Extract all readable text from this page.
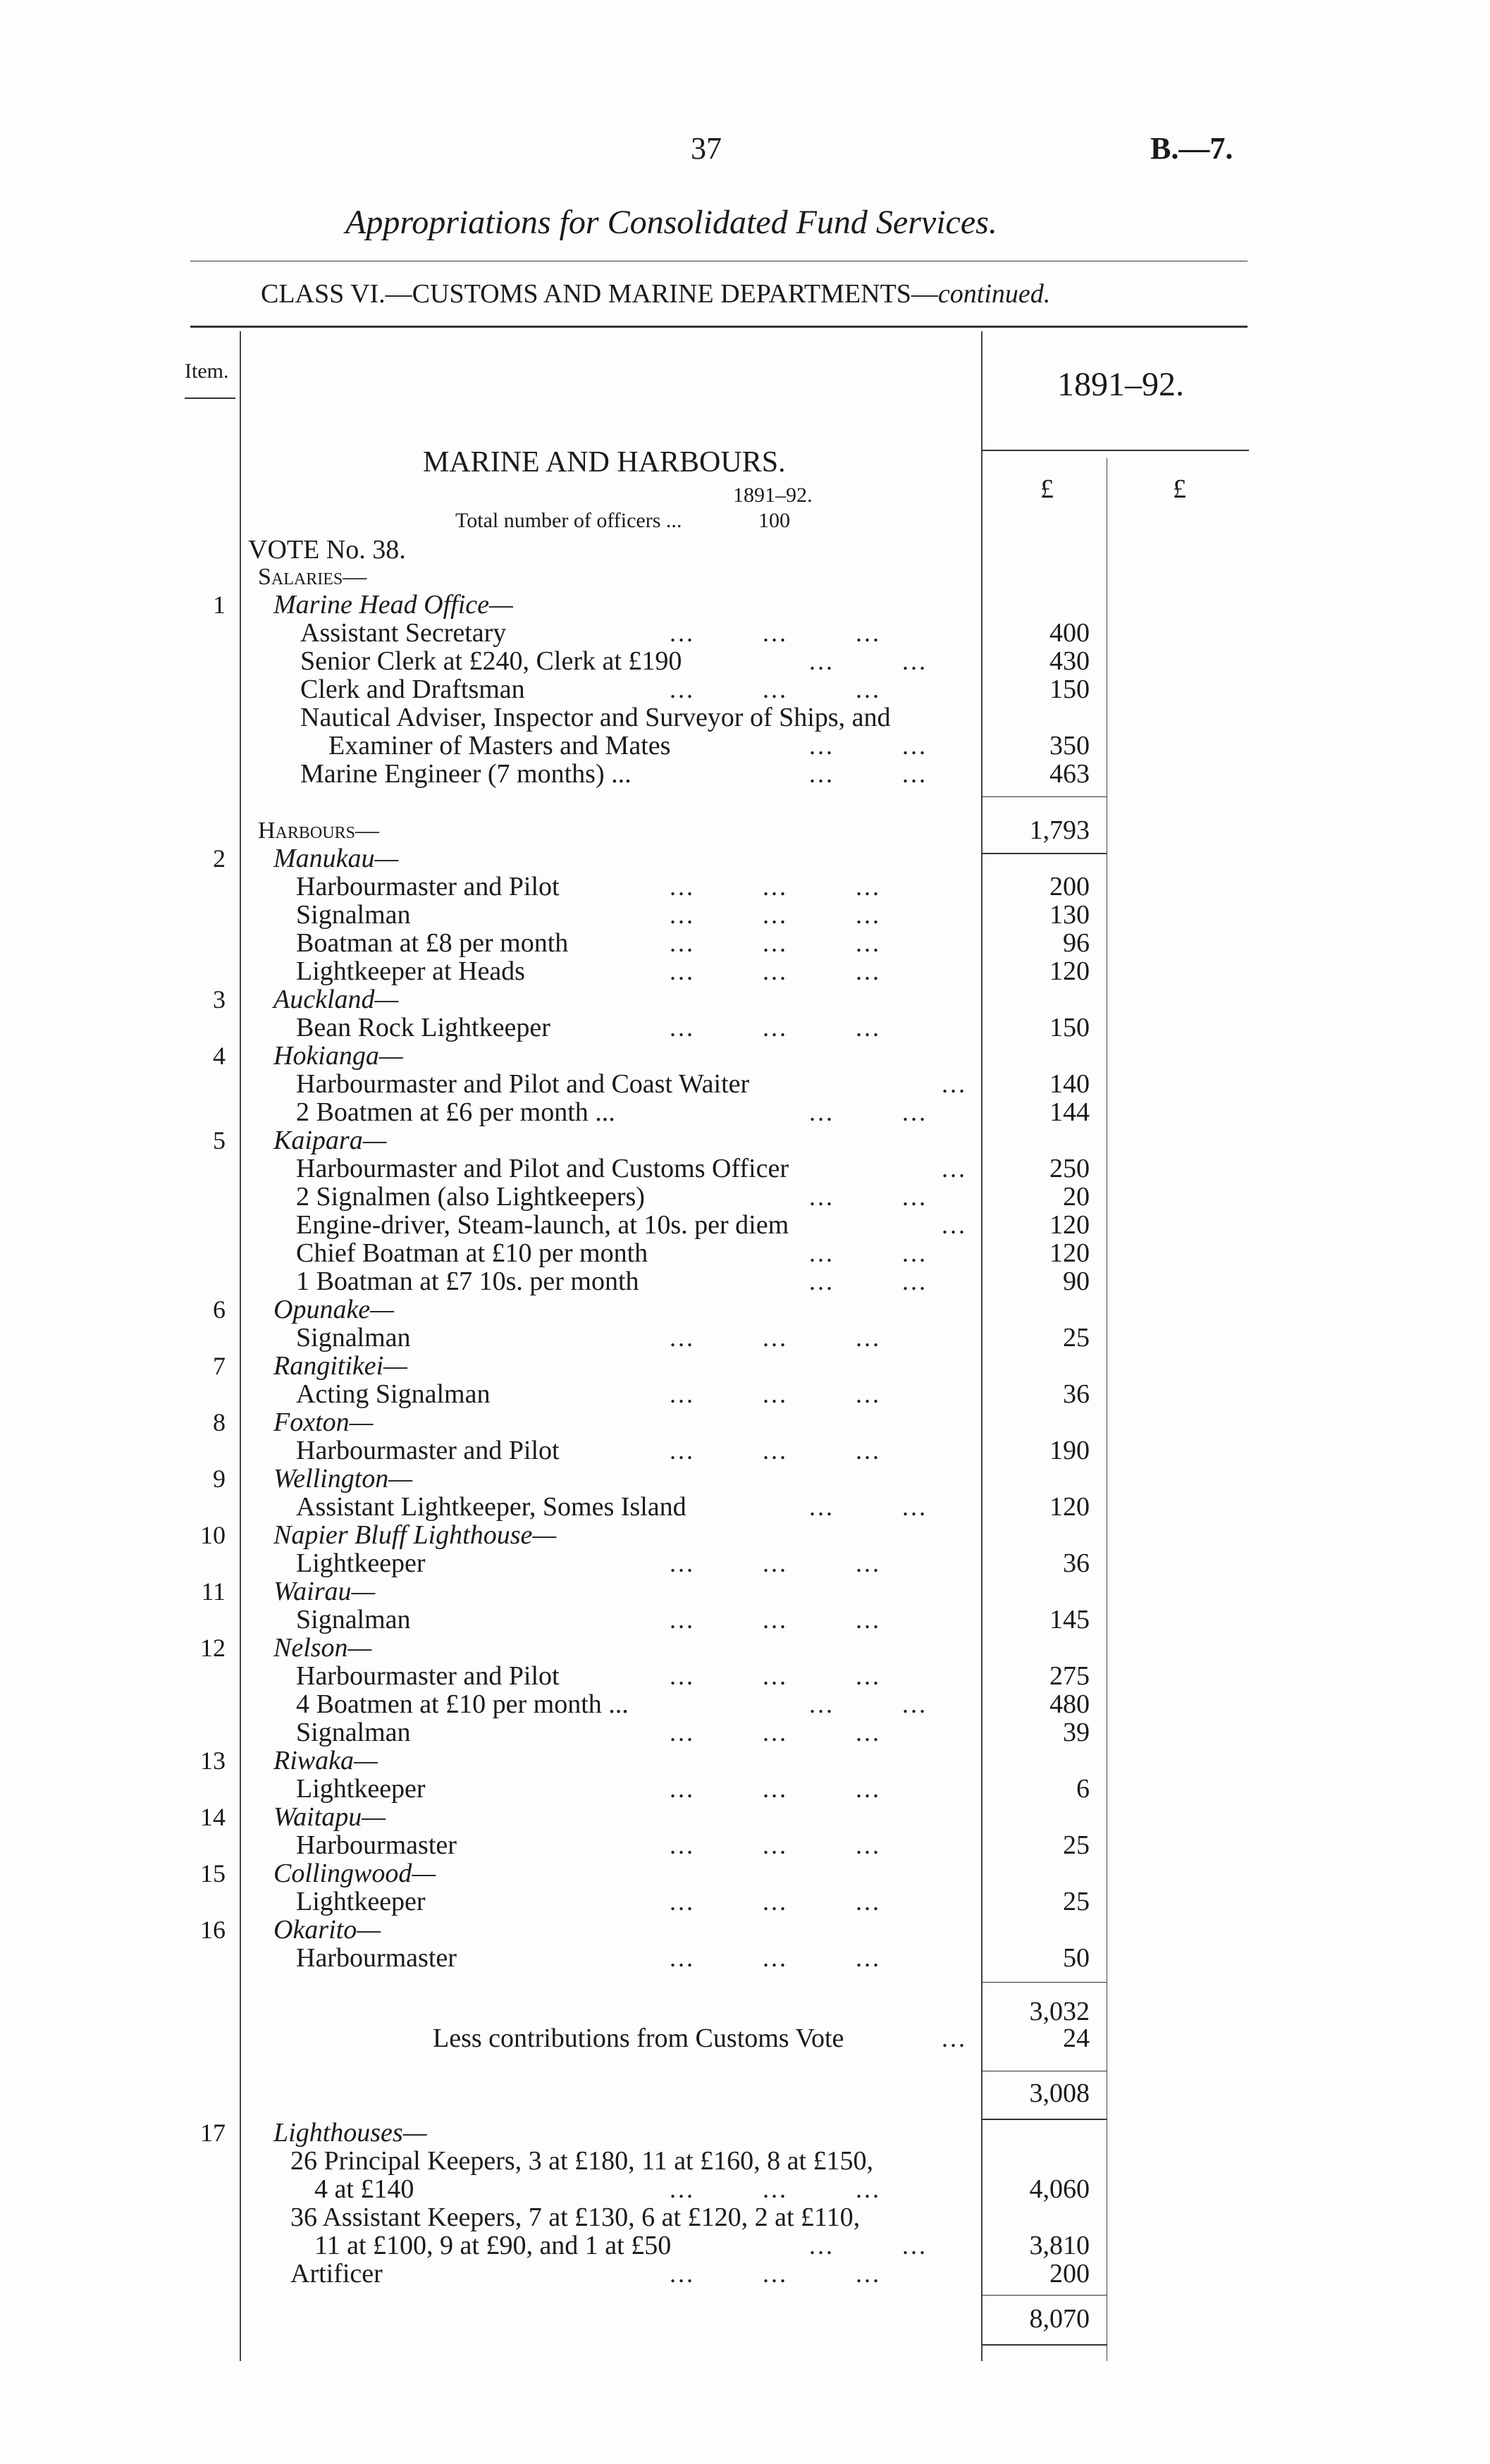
37	B.—7.
Appropriations for Consolidated Fund Services.
CLASS VI.—CUSTOMS AND MARINE DEPARTMENTS—continued.
Item.	1891–92.
£	£
MARINE AND HARBOURS.
1891–92.
Total number of officers ...	100
VOTE No. 38.
Salaries—
1 Marine Head Office—
Assistant Secretary	...        ...        ...	400
Senior Clerk at £240, Clerk at £190	...        ...	430
Clerk and Draftsman	...        ...        ...	150
Nautical Adviser, Inspector and Surveyor of Ships, and
Examiner of Masters and Mates	...        ...	350
Marine Engineer (7 months) ...	...        ...	463
1,793
Harbours—
2 Manukau—
Harbourmaster and Pilot	...        ...        ...	200
Signalman	...        ...        ...	130
Boatman at £8 per month	...        ...        ...	96
Lightkeeper at Heads	...        ...        ...	120
3 Auckland—
Bean Rock Lightkeeper	...        ...        ...	150
4 Hokianga—
Harbourmaster and Pilot and Coast Waiter	...	140
2 Boatmen at £6 per month ...	...        ...	144
5 Kaipara—
Harbourmaster and Pilot and Customs Officer	...	250
2 Signalmen (also Lightkeepers)	...        ...	20
Engine-driver, Steam-launch, at 10s. per diem	...	120
Chief Boatman at £10 per month	...        ...	120
1 Boatman at £7 10s. per month	...        ...	90
6 Opunake—
Signalman	...        ...        ...	25
7 Rangitikei—
Acting Signalman	...        ...        ...	36
8 Foxton—
Harbourmaster and Pilot	...        ...        ...	190
9 Wellington—
Assistant Lightkeeper, Somes Island	...        ...	120
10 Napier Bluff Lighthouse—
Lightkeeper	...        ...        ...	36
11 Wairau—
Signalman	...        ...        ...	145
12 Nelson—
Harbourmaster and Pilot	...        ...        ...	275
4 Boatmen at £10 per month ...	...        ...	480
Signalman	...        ...        ...	39
13 Riwaka—
Lightkeeper	...        ...        ...	6
14 Waitapu—
Harbourmaster	...        ...        ...	25
15 Collingwood—
Lightkeeper	...        ...        ...	25
16 Okarito—
Harbourmaster	...        ...        ...	50
3,032
Less contributions from Customs Vote	...	24
3,008
17 Lighthouses—
26 Principal Keepers, 3 at £180, 11 at £160, 8 at £150,
4 at £140	...        ...        ...	4,060
36 Assistant Keepers, 7 at £130, 6 at £120, 2 at £110,
11 at £100, 9 at £90, and 1 at £50	...        ...	3,810
Artificer	...        ...        ...	200
8,070
